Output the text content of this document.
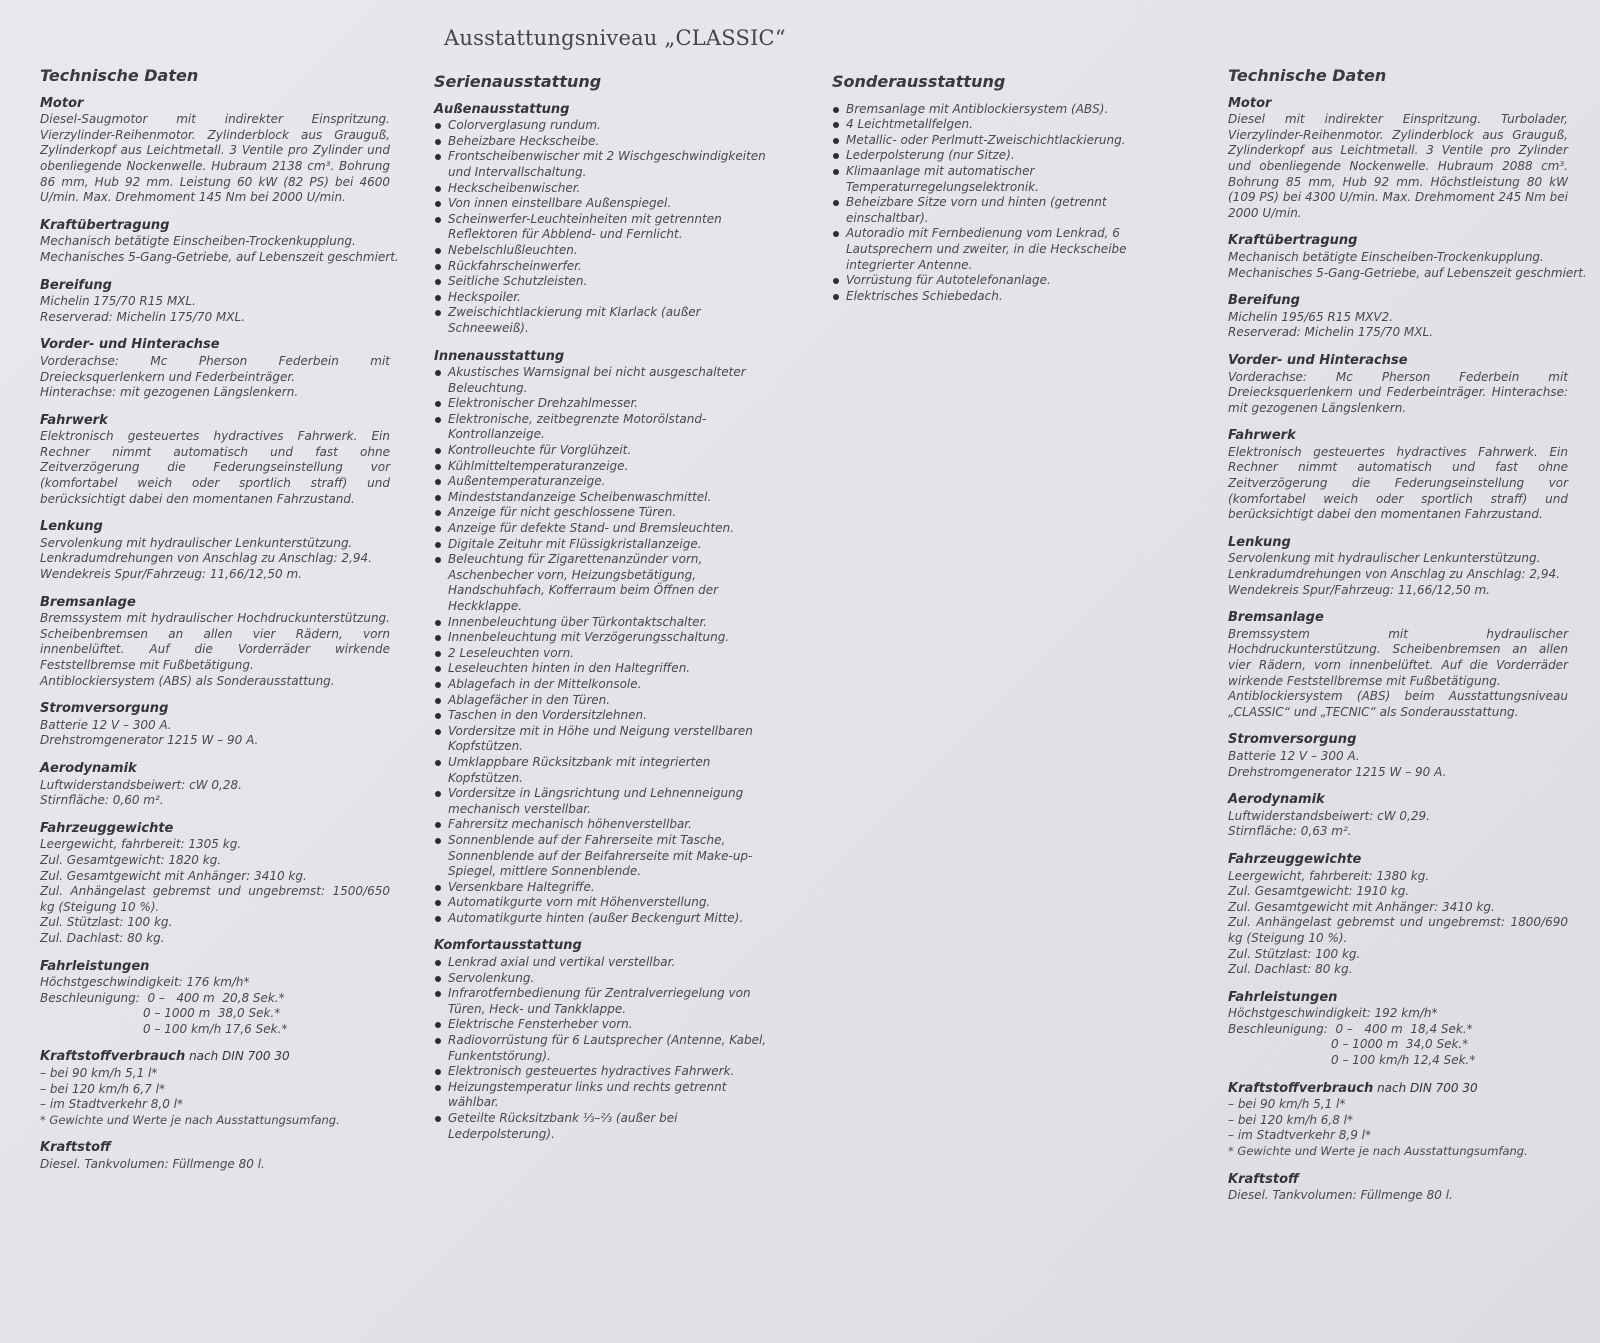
Ausstattungsniveau „CLASSIC“
Technische Daten
Motor
Diesel-Saugmotor mit indirekter Einspritzung. Vierzylinder-Reihenmotor. Zylinderblock aus Grauguß, Zylinderkopf aus Leichtmetall. 3 Ventile pro Zylinder und obenliegende Nockenwelle. Hubraum 2138 cm³. Bohrung 86 mm, Hub 92 mm. Leistung 60 kW (82 PS) bei 4600 U/min. Max. Drehmoment 145 Nm bei 2000 U/min.
Kraftübertragung
Mechanisch betätigte Einscheiben-Trockenkupplung.
Mechanisches 5-Gang-Getriebe, auf Lebenszeit geschmiert.
Bereifung
Michelin 175/70 R15 MXL.
Reserverad: Michelin 175/70 MXL.
Vorder- und Hinterachse
Vorderachse: Mc Pherson Federbein mit Dreiecksquerlenkern und Federbeinträger.
Hinterachse: mit gezogenen Längslenkern.
Fahrwerk
Elektronisch gesteuertes hydractives Fahrwerk. Ein Rechner nimmt automatisch und fast ohne Zeitverzögerung die Federungseinstellung vor (komfortabel weich oder sportlich straff) und berücksichtigt dabei den momentanen Fahrzustand.
Lenkung
Servolenkung mit hydraulischer Lenkunterstützung.
Lenkradumdrehungen von Anschlag zu Anschlag: 2,94.
Wendekreis Spur/Fahrzeug: 11,66/12,50 m.
Bremsanlage
Bremssystem mit hydraulischer Hochdruckunterstützung. Scheibenbremsen an allen vier Rädern, vorn innenbelüftet. Auf die Vorderräder wirkende Feststellbremse mit Fußbetätigung.
Antiblockiersystem (ABS) als Sonderausstattung.
Stromversorgung
Batterie 12 V – 300 A.
Drehstromgenerator 1215 W – 90 A.
Aerodynamik
Luftwiderstandsbeiwert: cW 0,28.
Stirnfläche: 0,60 m².
Fahrzeuggewichte
Leergewicht, fahrbereit: 1305 kg.
Zul. Gesamtgewicht: 1820 kg.
Zul. Gesamtgewicht mit Anhänger: 3410 kg.
Zul. Anhängelast gebremst und ungebremst: 1500/650 kg (Steigung 10 %).
Zul. Stützlast: 100 kg.
Zul. Dachlast: 80 kg.
Fahrleistungen
Höchstgeschwindigkeit: 176 km/h*
Beschleunigung:  0 –   400 m  20,8 Sek.*
0 – 1000 m  38,0 Sek.*
0 – 100 km/h 17,6 Sek.*
Kraftstoffverbrauch nach DIN 700 30
– bei 90 km/h 5,1 l*
– bei 120 km/h 6,7 l*
– im Stadtverkehr 8,0 l*
* Gewichte und Werte je nach Ausstattungsumfang.
Kraftstoff
Diesel. Tankvolumen: Füllmenge 80 l.
Serienausstattung
Außenausstattung
Colorverglasung rundum.
Beheizbare Heckscheibe.
Frontscheibenwischer mit 2 Wischgeschwindigkeiten und Intervallschaltung.
Heckscheibenwischer.
Von innen einstellbare Außenspiegel.
Scheinwerfer-Leuchteinheiten mit getrennten Reflektoren für Abblend- und Fernlicht.
Nebelschlußleuchten.
Rückfahrscheinwerfer.
Seitliche Schutzleisten.
Heckspoiler.
Zweischichtlackierung mit Klarlack (außer Schneeweiß).
Innenausstattung
Akustisches Warnsignal bei nicht ausgeschalteter Beleuchtung.
Elektronischer Drehzahlmesser.
Elektronische, zeitbegrenzte Motorölstand-Kontrollanzeige.
Kontrolleuchte für Vorglühzeit.
Kühlmitteltemperaturanzeige.
Außentemperaturanzeige.
Mindeststandanzeige Scheibenwaschmittel.
Anzeige für nicht geschlossene Türen.
Anzeige für defekte Stand- und Bremsleuchten.
Digitale Zeituhr mit Flüssigkristallanzeige.
Beleuchtung für Zigarettenanzünder vorn, Aschenbecher vorn, Heizungsbetätigung, Handschuhfach, Kofferraum beim Öffnen der Heckklappe.
Innenbeleuchtung über Türkontaktschalter.
Innenbeleuchtung mit Verzögerungsschaltung.
2 Leseleuchten vorn.
Leseleuchten hinten in den Haltegriffen.
Ablagefach in der Mittelkonsole.
Ablagefächer in den Türen.
Taschen in den Vordersitzlehnen.
Vordersitze mit in Höhe und Neigung verstellbaren Kopfstützen.
Umklappbare Rücksitzbank mit integrierten Kopfstützen.
Vordersitze in Längsrichtung und Lehnenneigung mechanisch verstellbar.
Fahrersitz mechanisch höhenverstellbar.
Sonnenblende auf der Fahrerseite mit Tasche, Sonnenblende auf der Beifahrerseite mit Make-up-Spiegel, mittlere Sonnenblende.
Versenkbare Haltegriffe.
Automatikgurte vorn mit Höhenverstellung.
Automatikgurte hinten (außer Beckengurt Mitte).
Komfortausstattung
Lenkrad axial und vertikal verstellbar.
Servolenkung.
Infrarotfernbedienung für Zentralverriegelung von Türen, Heck- und Tankklappe.
Elektrische Fensterheber vorn.
Radiovorrüstung für 6 Lautsprecher (Antenne, Kabel, Funkentstörung).
Elektronisch gesteuertes hydractives Fahrwerk.
Heizungstemperatur links und rechts getrennt wählbar.
Geteilte Rücksitzbank ⅓–⅔ (außer bei Lederpolsterung).
Sonderausstattung
Bremsanlage mit Antiblockiersystem (ABS).
4 Leichtmetallfelgen.
Metallic- oder Perlmutt-Zweischichtlackierung.
Lederpolsterung (nur Sitze).
Klimaanlage mit automatischer Temperaturregelungselektronik.
Beheizbare Sitze vorn und hinten (getrennt einschaltbar).
Autoradio mit Fernbedienung vom Lenkrad, 6 Lautsprechern und zweiter, in die Heckscheibe integrierter Antenne.
Vorrüstung für Autotelefonanlage.
Elektrisches Schiebedach.
Technische Daten
Motor
Diesel mit indirekter Einspritzung. Turbolader, Vierzylinder-Reihenmotor. Zylinderblock aus Grauguß, Zylinderkopf aus Leichtmetall. 3 Ventile pro Zylinder und obenliegende Nockenwelle. Hubraum 2088 cm³. Bohrung 85 mm, Hub 92 mm. Höchstleistung 80 kW (109 PS) bei 4300 U/min. Max. Drehmoment 245 Nm bei 2000 U/min.
Kraftübertragung
Mechanisch betätigte Einscheiben-Trockenkupplung.
Mechanisches 5-Gang-Getriebe, auf Lebenszeit geschmiert.
Bereifung
Michelin 195/65 R15 MXV2.
Reserverad: Michelin 175/70 MXL.
Vorder- und Hinterachse
Vorderachse: Mc Pherson Federbein mit Dreiecksquerlenkern und Federbeinträger. Hinterachse: mit gezogenen Längslenkern.
Fahrwerk
Elektronisch gesteuertes hydractives Fahrwerk. Ein Rechner nimmt automatisch und fast ohne Zeitverzögerung die Federungseinstellung vor (komfortabel weich oder sportlich straff) und berücksichtigt dabei den momentanen Fahrzustand.
Lenkung
Servolenkung mit hydraulischer Lenkunterstützung.
Lenkradumdrehungen von Anschlag zu Anschlag: 2,94.
Wendekreis Spur/Fahrzeug: 11,66/12,50 m.
Bremsanlage
Bremssystem mit hydraulischer Hochdruckunterstützung. Scheibenbremsen an allen vier Rädern, vorn innenbelüftet. Auf die Vorderräder wirkende Feststellbremse mit Fußbetätigung.
Antiblockiersystem (ABS) beim Ausstattungsniveau „CLASSIC“ und „TECNIC“ als Sonderausstattung.
Stromversorgung
Batterie 12 V – 300 A.
Drehstromgenerator 1215 W – 90 A.
Aerodynamik
Luftwiderstandsbeiwert: cW 0,29.
Stirnfläche: 0,63 m².
Fahrzeuggewichte
Leergewicht, fahrbereit: 1380 kg.
Zul. Gesamtgewicht: 1910 kg.
Zul. Gesamtgewicht mit Anhänger: 3410 kg.
Zul. Anhängelast gebremst und ungebremst: 1800/690 kg (Steigung 10 %).
Zul. Stützlast: 100 kg.
Zul. Dachlast: 80 kg.
Fahrleistungen
Höchstgeschwindigkeit: 192 km/h*
Beschleunigung:  0 –   400 m  18,4 Sek.*
0 – 1000 m  34,0 Sek.*
0 – 100 km/h 12,4 Sek.*
Kraftstoffverbrauch nach DIN 700 30
– bei 90 km/h 5,1 l*
– bei 120 km/h 6,8 l*
– im Stadtverkehr 8,9 l*
* Gewichte und Werte je nach Ausstattungsumfang.
Kraftstoff
Diesel. Tankvolumen: Füllmenge 80 l.
